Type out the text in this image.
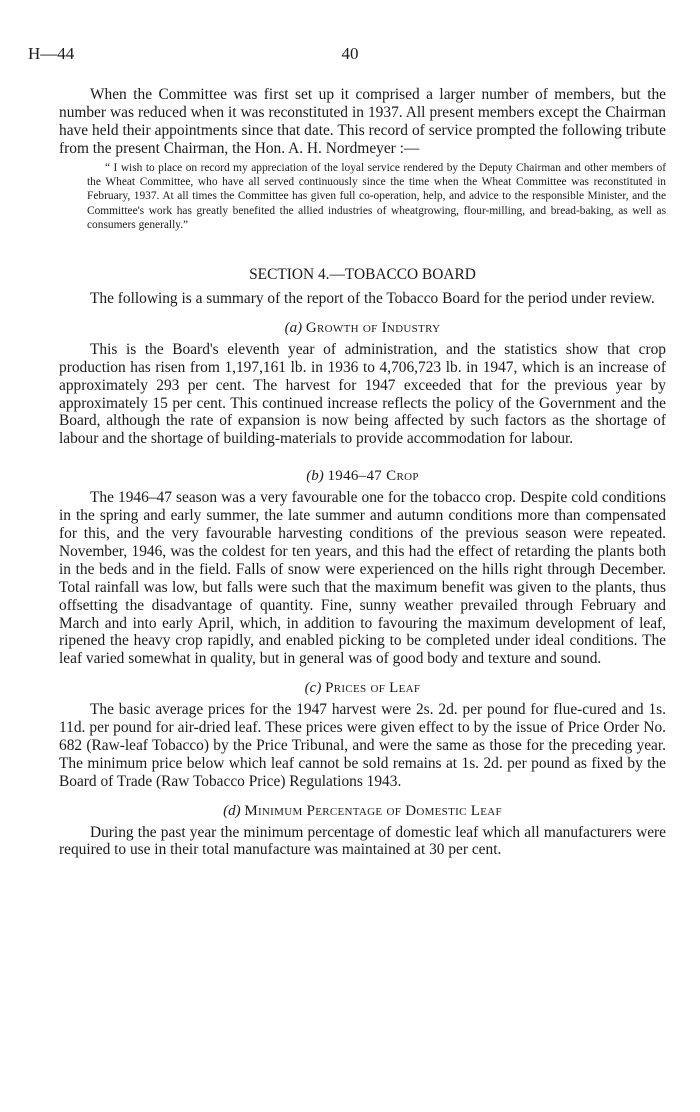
H—44	40

When the Committee was first set up it comprised a larger number of members, but the number was reduced when it was reconstituted in 1937. All present members except the Chairman have held their appointments since that date. This record of service prompted the following tribute from the present Chairman, the Hon. A. H. Nordmeyer :—

“ I wish to place on record my appreciation of the loyal service rendered by the Deputy Chairman and other members of the Wheat Committee, who have all served continuously since the time when the Wheat Committee was reconstituted in February, 1937. At all times the Committee has given full co-operation, help, and advice to the responsible Minister, and the Committee's work has greatly benefited the allied industries of wheatgrowing, flour-milling, and bread-baking, as well as consumers generally.”

SECTION 4.—TOBACCO BOARD

The following is a summary of the report of the Tobacco Board for the period under review.

(a) Growth of Industry

This is the Board's eleventh year of administration, and the statistics show that crop production has risen from 1,197,161 lb. in 1936 to 4,706,723 lb. in 1947, which is an increase of approximately 293 per cent. The harvest for 1947 exceeded that for the previous year by approximately 15 per cent. This continued increase reflects the policy of the Government and the Board, although the rate of expansion is now being affected by such factors as the shortage of labour and the shortage of building-materials to provide accommodation for labour.

(b) 1946–47 Crop

The 1946–47 season was a very favourable one for the tobacco crop. Despite cold conditions in the spring and early summer, the late summer and autumn conditions more than compensated for this, and the very favourable harvesting conditions of the previous season were repeated. November, 1946, was the coldest for ten years, and this had the effect of retarding the plants both in the beds and in the field. Falls of snow were experienced on the hills right through December. Total rainfall was low, but falls were such that the maximum benefit was given to the plants, thus offsetting the disadvantage of quantity. Fine, sunny weather prevailed through February and March and into early April, which, in addition to favouring the maximum development of leaf, ripened the heavy crop rapidly, and enabled picking to be completed under ideal conditions. The leaf varied somewhat in quality, but in general was of good body and texture and sound.

(c) Prices of Leaf

The basic average prices for the 1947 harvest were 2s. 2d. per pound for flue-cured and 1s. 11d. per pound for air-dried leaf. These prices were given effect to by the issue of Price Order No. 682 (Raw-leaf Tobacco) by the Price Tribunal, and were the same as those for the preceding year. The minimum price below which leaf cannot be sold remains at 1s. 2d. per pound as fixed by the Board of Trade (Raw Tobacco Price) Regulations 1943.

(d) Minimum Percentage of Domestic Leaf

During the past year the minimum percentage of domestic leaf which all manufacturers were required to use in their total manufacture was maintained at 30 per cent.
